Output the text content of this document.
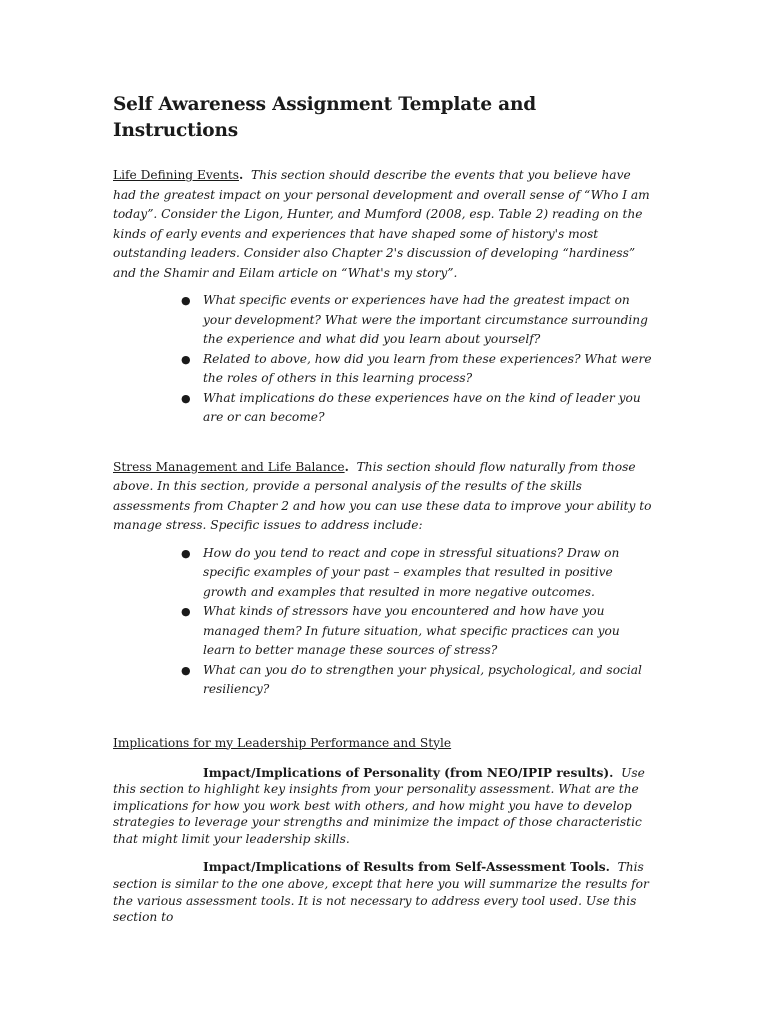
Self Awareness Assignment Template and Instructions

Life Defining Events. This section should describe the events that you believe have had the greatest impact on your personal development and overall sense of “Who I am today”. Consider the Ligon, Hunter, and Mumford (2008, esp. Table 2) reading on the kinds of early events and experiences that have shaped some of history's most outstanding leaders. Consider also Chapter 2's discussion of developing “hardiness” and the Shamir and Eilam article on “What's my story”.

● What specific events or experiences have had the greatest impact on your development? What were the important circumstance surrounding the experience and what did you learn about yourself?
● Related to above, how did you learn from these experiences? What were the roles of others in this learning process?
● What implications do these experiences have on the kind of leader you are or can become?

Stress Management and Life Balance. This section should flow naturally from those above. In this section, provide a personal analysis of the results of the skills assessments from Chapter 2 and how you can use these data to improve your ability to manage stress. Specific issues to address include:

● How do you tend to react and cope in stressful situations? Draw on specific examples of your past – examples that resulted in positive growth and examples that resulted in more negative outcomes.
● What kinds of stressors have you encountered and how have you managed them? In future situation, what specific practices can you learn to better manage these sources of stress?
● What can you do to strengthen your physical, psychological, and social resiliency?
Implications for my Leadership Performance and Style

Impact/Implications of Personality (from NEO/IPIP results). Use this section to highlight key insights from your personality assessment. What are the implications for how you work best with others, and how might you have to develop strategies to leverage your strengths and minimize the impact of those characteristic that might limit your leadership skills.

Impact/Implications of Results from Self-Assessment Tools. This section is similar to the one above, except that here you will summarize the results for the various assessment tools. It is not necessary to address every tool used. Use this section to
